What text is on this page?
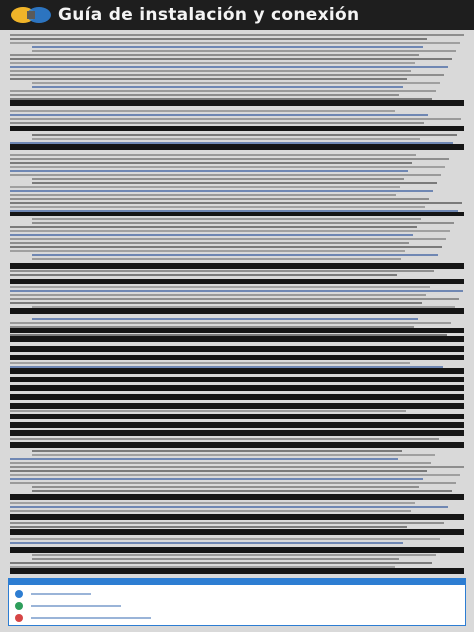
Guía de instalación y conexión
